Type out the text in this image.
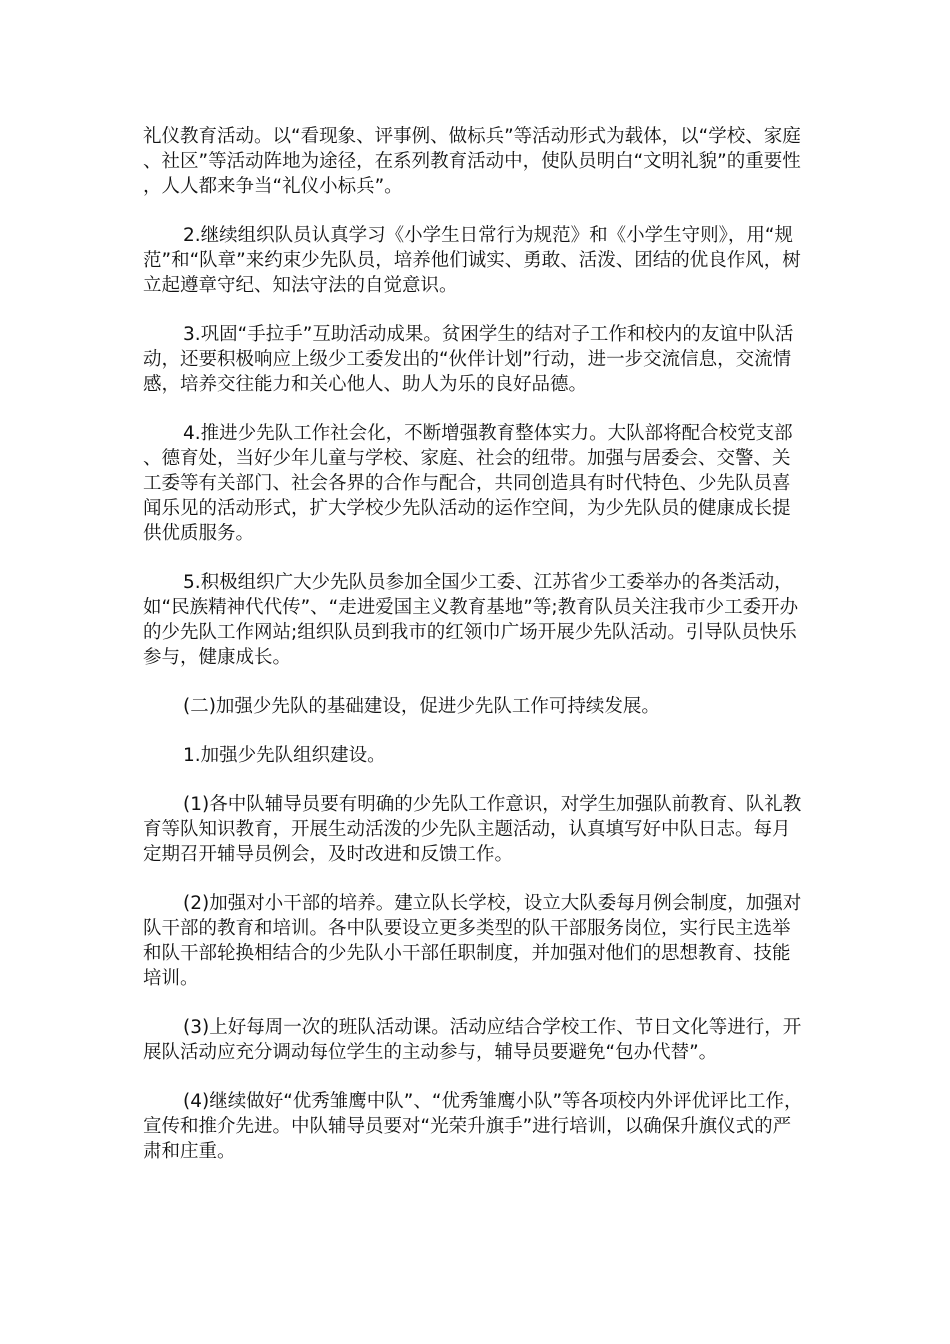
礼仪教育活动。以“看现象、评事例、做标兵”等活动形式为载体，以“学校、家庭、社区”等活动阵地为途径，在系列教育活动中，使队员明白“文明礼貌”的重要性，人人都来争当“礼仪小标兵”。

2.继续组织队员认真学习《小学生日常行为规范》和《小学生守则》，用“规范”和“队章”来约束少先队员，培养他们诚实、勇敢、活泼、团结的优良作风，树立起遵章守纪、知法守法的自觉意识。

3.巩固“手拉手”互助活动成果。贫困学生的结对子工作和校内的友谊中队活动，还要积极响应上级少工委发出的“伙伴计划”行动，进一步交流信息，交流情感，培养交往能力和关心他人、助人为乐的良好品德。

4.推进少先队工作社会化，不断增强教育整体实力。大队部将配合校党支部、德育处，当好少年儿童与学校、家庭、社会的纽带。加强与居委会、交警、关工委等有关部门、社会各界的合作与配合，共同创造具有时代特色、少先队员喜闻乐见的活动形式，扩大学校少先队活动的运作空间，为少先队员的健康成长提供优质服务。

5.积极组织广大少先队员参加全国少工委、江苏省少工委举办的各类活动，如“民族精神代代传”、“走进爱国主义教育基地”等;教育队员关注我市少工委开办的少先队工作网站;组织队员到我市的红领巾广场开展少先队活动。引导队员快乐参与，健康成长。

(二)加强少先队的基础建设，促进少先队工作可持续发展。

1.加强少先队组织建设。

(1)各中队辅导员要有明确的少先队工作意识，对学生加强队前教育、队礼教育等队知识教育，开展生动活泼的少先队主题活动，认真填写好中队日志。每月定期召开辅导员例会，及时改进和反馈工作。

(2)加强对小干部的培养。建立队长学校，设立大队委每月例会制度，加强对队干部的教育和培训。各中队要设立更多类型的队干部服务岗位，实行民主选举和队干部轮换相结合的少先队小干部任职制度，并加强对他们的思想教育、技能培训。

(3)上好每周一次的班队活动课。活动应结合学校工作、节日文化等进行，开展队活动应充分调动每位学生的主动参与，辅导员要避免“包办代替”。

(4)继续做好“优秀雏鹰中队”、“优秀雏鹰小队”等各项校内外评优评比工作，宣传和推介先进。中队辅导员要对“光荣升旗手”进行培训，以确保升旗仪式的严肃和庄重。
